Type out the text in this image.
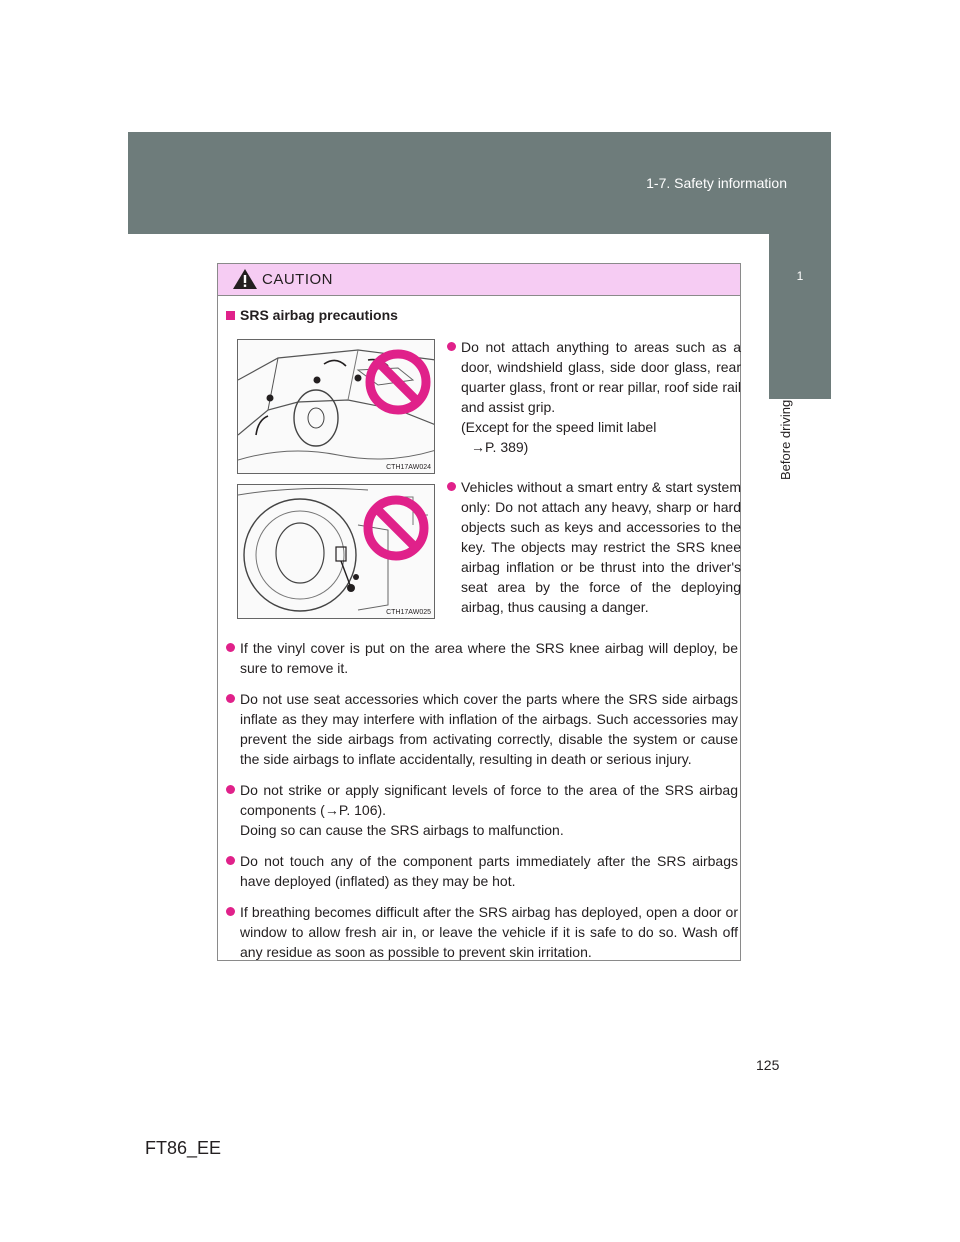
1-7. Safety information
1
Before driving
CAUTION
SRS airbag precautions
CTH17AW024
Do not attach anything to areas such as a door, windshield glass, side door glass, rear quarter glass, front or rear pillar, roof side rail and assist grip.
(Except for the speed limit label
→P. 389)
CTH17AW025
Vehicles without a smart entry & start system only: Do not attach any heavy, sharp or hard objects such as keys and accessories to the key. The objects may restrict the SRS knee airbag inflation or be thrust into the driver's seat area by the force of the deploying airbag, thus causing a danger.
If the vinyl cover is put on the area where the SRS knee airbag will deploy, be sure to remove it.
Do not use seat accessories which cover the parts where the SRS side airbags inflate as they may interfere with inflation of the airbags. Such accessories may prevent the side airbags from activating correctly, disable the system or cause the side airbags to inflate accidentally, resulting in death or serious injury.
Do not strike or apply significant levels of force to the area of the SRS airbag components (→P. 106).
Doing so can cause the SRS airbags to malfunction.
Do not touch any of the component parts immediately after the SRS airbags have deployed (inflated) as they may be hot.
If breathing becomes difficult after the SRS airbag has deployed, open a door or window to allow fresh air in, or leave the vehicle if it is safe to do so. Wash off any residue as soon as possible to prevent skin irritation.
125
FT86_EE
